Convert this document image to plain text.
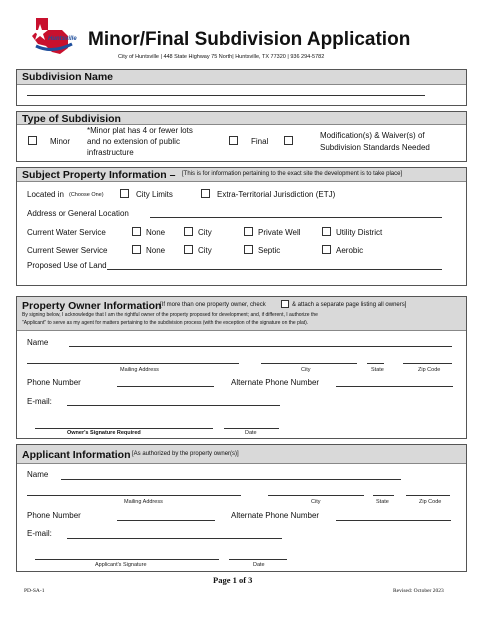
Huntsville Minor/Final Subdivision Application
City of Huntsville | 448 State Highway 75 North| Huntsville, TX 77320 | 936 294-5782
Subdivision Name
Type of Subdivision
Minor
*Minor plat has 4 or fewer lots
and no extension of public
infrastructure
Final
Modification(s) & Waiver(s) of
Subdivision Standards Needed
Subject Property Information – [This is for information pertaining to the exact site the development is to take place]
Located in (Choose One)	City Limits	Extra-Territorial Jurisdiction (ETJ)
Address or General Location
Current Water Service	None	City	Private Well	Utility District
Current Sewer Service	None	City	Septic	Aerobic
Proposed Use of Land
Property Owner Information
[If more than one property owner, check	& attach a separate page listing all owners]
By signing below, I acknowledge that I am the rightful owner of the property proposed for development; and, if different, I authorize the
"Applicant" to serve as my agent for matters pertaining to the subdivision process (with the exception of the signature on the plat).
Name
Mailing Address	City	State	Zip Code
Phone Number	Alternate Phone Number
E-mail:
Owner's Signature Required	Date
Applicant Information [As authorized by the property owner(s)]
Name
Mailing Address	City	State	Zip Code
Phone Number	Alternate Phone Number
E-mail:
Applicant's Signature	Date
Page 1 of 3
PD-SA-1	Revised: October 2023
